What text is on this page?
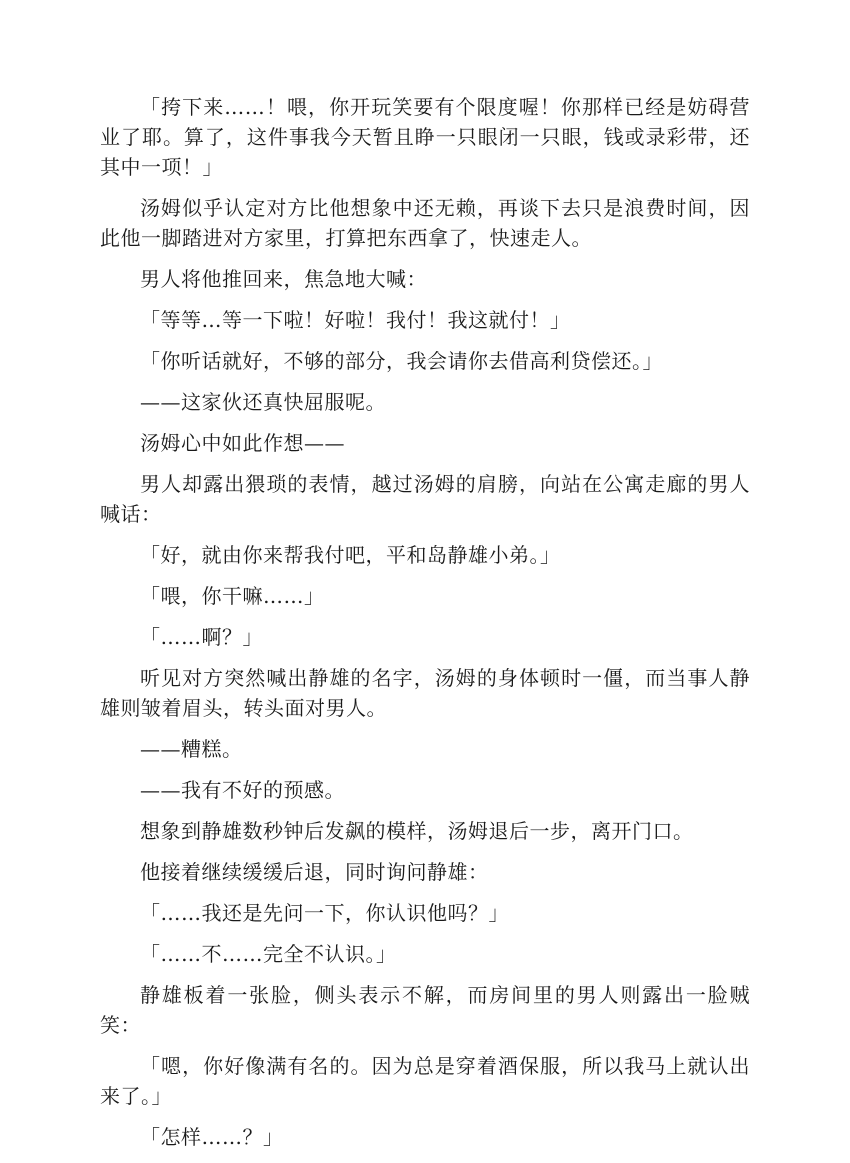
「挎下来……！喂，你开玩笑要有个限度喔！你那样已经是妨碍营业了耶。算了，这件事我今天暂且睁一只眼闭一只眼，钱或录彩带，还其中一项！」

汤姆似乎认定对方比他想象中还无赖，再谈下去只是浪费时间，因此他一脚踏进对方家里，打算把东西拿了，快速走人。

男人将他推回来，焦急地大喊：

「等等…等一下啦！好啦！我付！我这就付！」

「你听话就好，不够的部分，我会请你去借高利贷偿还。」

——这家伙还真快屈服呢。

汤姆心中如此作想——

男人却露出猥琐的表情，越过汤姆的肩膀，向站在公寓走廊的男人喊话：

「好，就由你来帮我付吧，平和岛静雄小弟。」

「喂，你干嘛……」

「……啊？」

听见对方突然喊出静雄的名字，汤姆的身体顿时一僵，而当事人静雄则皱着眉头，转头面对男人。

——糟糕。

——我有不好的预感。

想象到静雄数秒钟后发飙的模样，汤姆退后一步，离开门口。

他接着继续缓缓后退，同时询问静雄：

「……我还是先问一下，你认识他吗？」

「……不……完全不认识。」

静雄板着一张脸，侧头表示不解，而房间里的男人则露出一脸贼笑：

「嗯，你好像满有名的。因为总是穿着酒保服，所以我马上就认出来了。」

「怎样……？」
